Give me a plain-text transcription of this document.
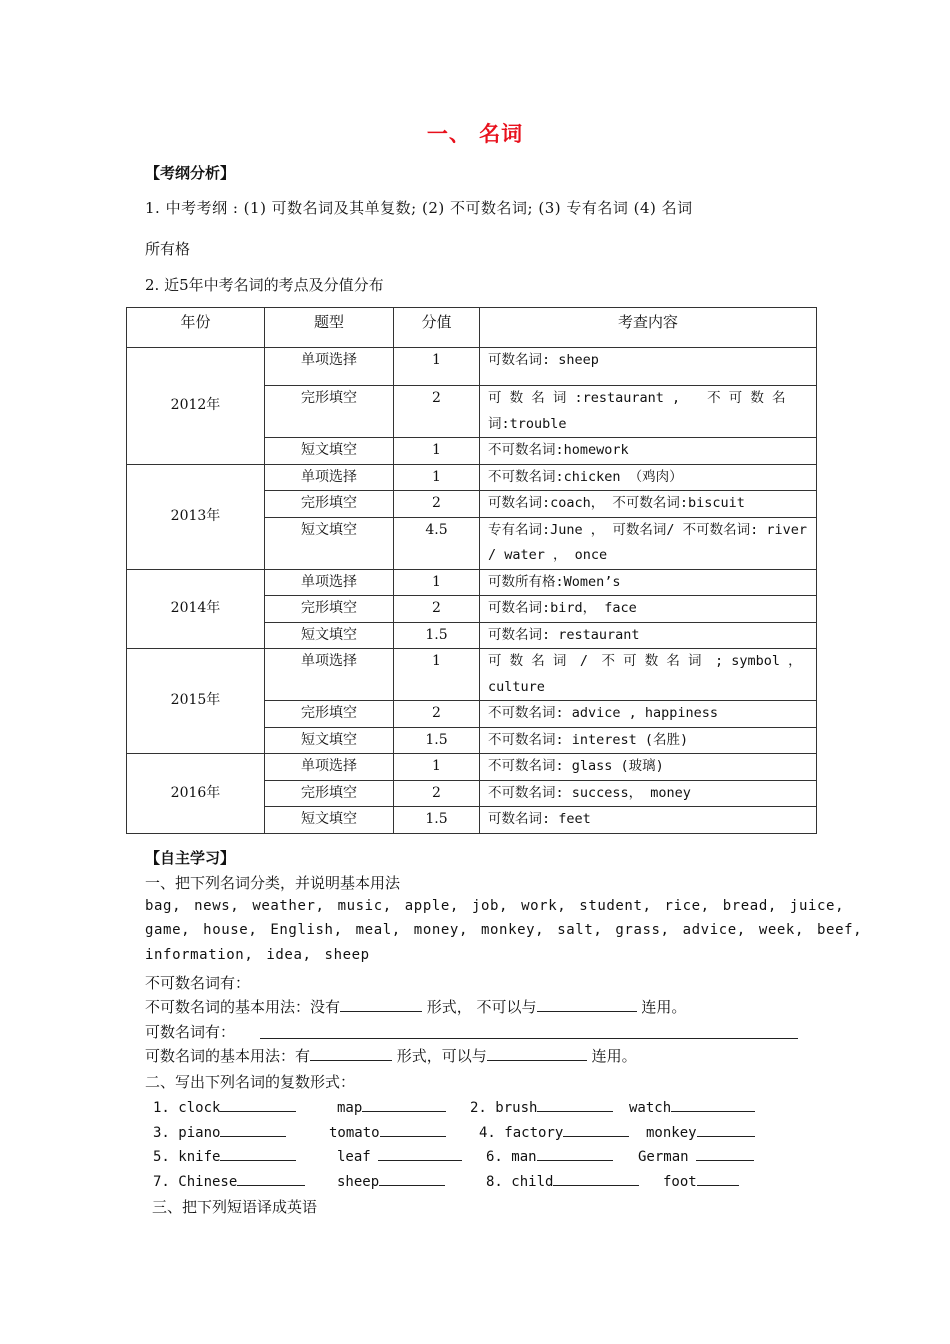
一、 名词
【考纲分析】
1. 中考考纲 : (1) 可数名词及其单复数; (2) 不可数名词; (3) 专有名词 (4) 名词
所有格
2. 近5年中考名词的考点及分值分布
年份	题型	分值	考查内容
2012年	单项选择	1	可数名词: sheep
	完形填空	2	可 数 名 词 :restaurant ,　　不 可 数 名 词:trouble
	短文填空	1	不可数名词:homework
2013年	单项选择	1	不可数名词:chicken （鸡肉）
	完形填空	2	可数名词:coach， 不可数名词:biscuit
	短文填空	4.5	专有名词:June ， 可数名词/ 不可数名词: river / water ， once
2014年	单项选择	1	可数所有格:Women’s
	完形填空	2	可数名词:bird， face
	短文填空	1.5	可数名词: restaurant
2015年	单项选择	1	可 数 名 词　/　不 可 数 名 词　; symbol ， culture
	完形填空	2	不可数名词: advice , happiness
	短文填空	1.5	不可数名词: interest (名胜)
2016年	单项选择	1	不可数名词: glass (玻璃)
	完形填空	2	不可数名词: success， money
	短文填空	1.5	可数名词: feet
【自主学习】
一、把下列名词分类，并说明基本用法
bag, news, weather, music, apple, job, work, student, rice, bread, juice,
game, house, English, meal, money, monkey, salt, grass, advice, week, beef,
information, idea, sheep
不可数名词有：
不可数名词的基本用法：没有	形式， 不可以与	连用。
可数名词有：
可数名词的基本用法：有	形式，可以与	连用。
二、写出下列名词的复数形式：
1. clock	map	2. brush	watch
3. piano	tomato	4. factory	monkey
5. knife	leaf	6. man	German
7. Chinese	sheep	8. child	foot
三、把下列短语译成英语
